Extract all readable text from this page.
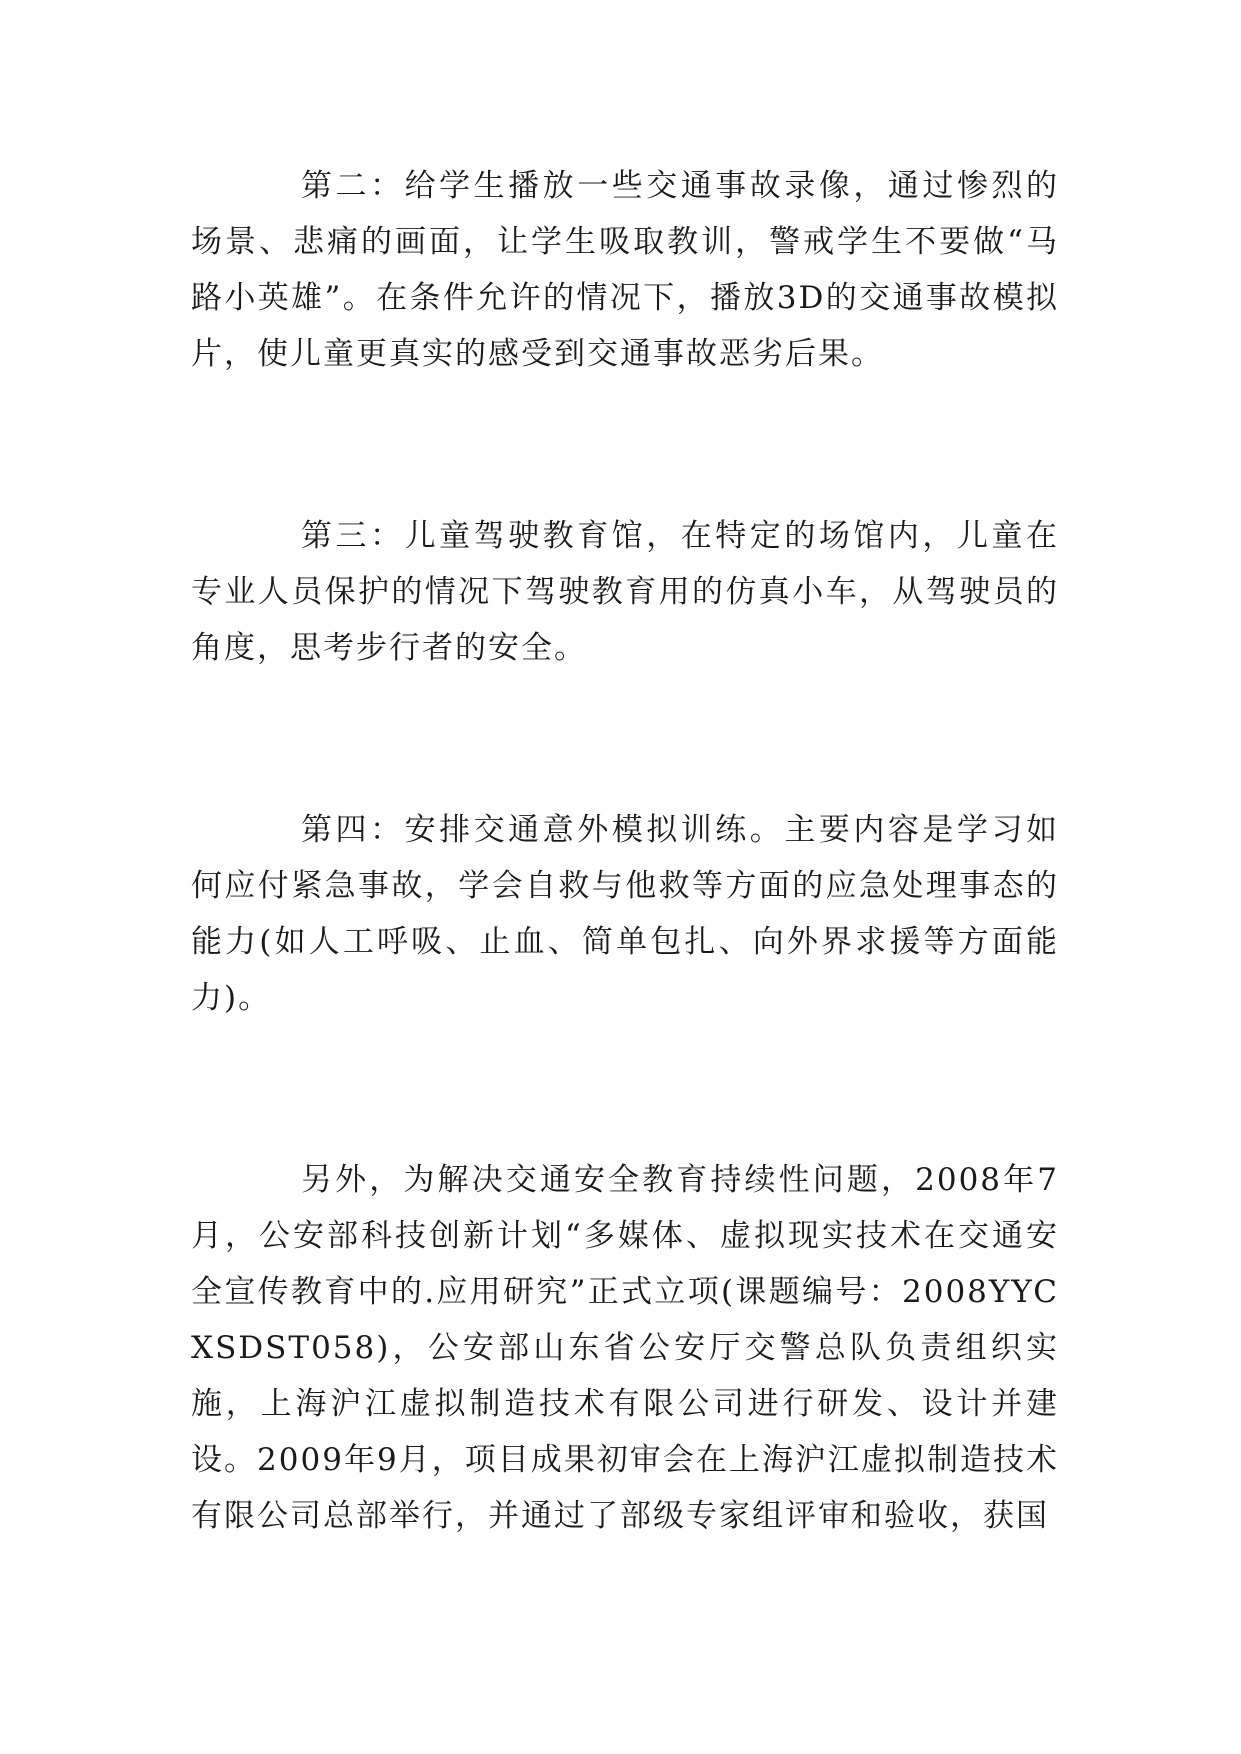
第二：给学生播放一些交通事故录像，通过惨烈的场景、悲痛的画面，让学生吸取教训，警戒学生不要做“马路小英雄”。在条件允许的情况下，播放3D的交通事故模拟片，使儿童更真实的感受到交通事故恶劣后果。

第三：儿童驾驶教育馆，在特定的场馆内，儿童在专业人员保护的情况下驾驶教育用的仿真小车，从驾驶员的角度，思考步行者的安全。

第四：安排交通意外模拟训练。主要内容是学习如何应付紧急事故，学会自救与他救等方面的应急处理事态的能力(如人工呼吸、止血、简单包扎、向外界求援等方面能力)。

另外，为解决交通安全教育持续性问题，2008年7月，公安部科技创新计划“多媒体、虚拟现实技术在交通安全宣传教育中的.应用研究”正式立项(课题编号：2008YYCXSDST058)，公安部山东省公安厅交警总队负责组织实施，上海沪江虚拟制造技术有限公司进行研发、设计并建设。2009年9月，项目成果初审会在上海沪江虚拟制造技术有限公司总部举行，并通过了部级专家组评审和验收，获国
